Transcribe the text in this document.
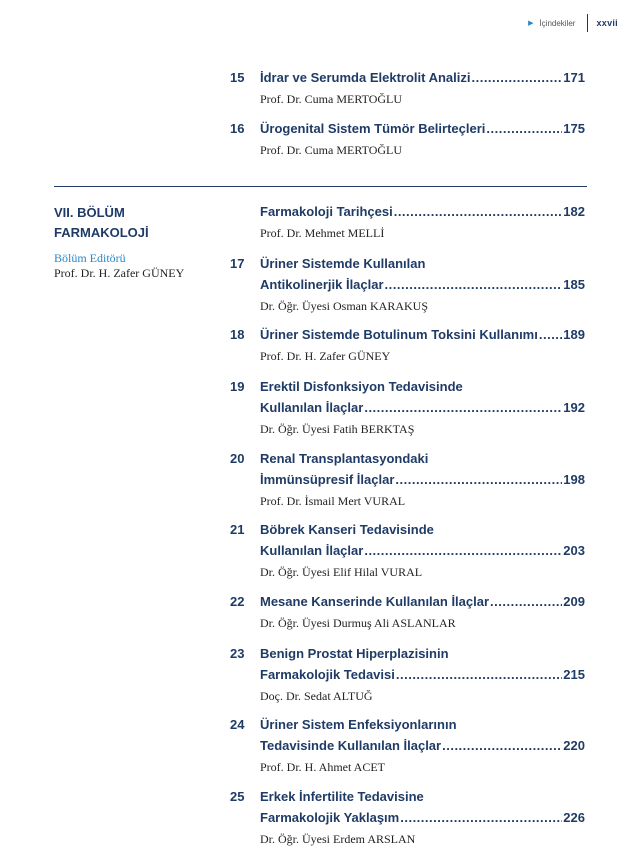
▶ İçindekiler xxvii
VII. BÖLÜM
FARMAKOLOJİ
Bölüm Editörü
Prof. Dr. H. Zafer GÜNEY
15	İdrar ve Serumda Elektrolit Analizi .....	171
Prof. Dr. Cuma MERTOĞLU
16	Ürogenital Sistem Tümör Belirteçleri .....	175
Prof. Dr. Cuma MERTOĞLU
Farmakoloji Tarihçesi .....	182
Prof. Dr. Mehmet MELLİ
17	Üriner Sistemde Kullanılan
Antikolinerjik İlaçlar .....	185
Dr. Öğr. Üyesi Osman KARAKUŞ
18	Üriner Sistemde Botulinum Toksini Kullanımı ..... 189
Prof. Dr. H. Zafer GÜNEY
19	Erektil Disfonksiyon Tedavisinde
Kullanılan İlaçlar .....	192
Dr. Öğr. Üyesi Fatih BERKTAŞ
20	Renal Transplantasyondaki
İmmünsüpresif İlaçlar .....	198
Prof. Dr. İsmail Mert VURAL
21	Böbrek Kanseri Tedavisinde
Kullanılan İlaçlar .....	203
Dr. Öğr. Üyesi Elif Hilal VURAL
22	Mesane Kanserinde Kullanılan İlaçlar .....	209
Dr. Öğr. Üyesi Durmuş Ali ASLANLAR
23	Benign Prostat Hiperplazisinin
Farmakolojik Tedavisi .....	215
Doç. Dr. Sedat ALTUĞ
24	Üriner Sistem Enfeksiyonlarının
Tedavisinde Kullanılan İlaçlar .....	220
Prof. Dr. H. Ahmet ACET
25	Erkek İnfertilite Tedavisine
Farmakolojik Yaklaşım .....	226
Dr. Öğr. Üyesi Erdem ARSLAN
